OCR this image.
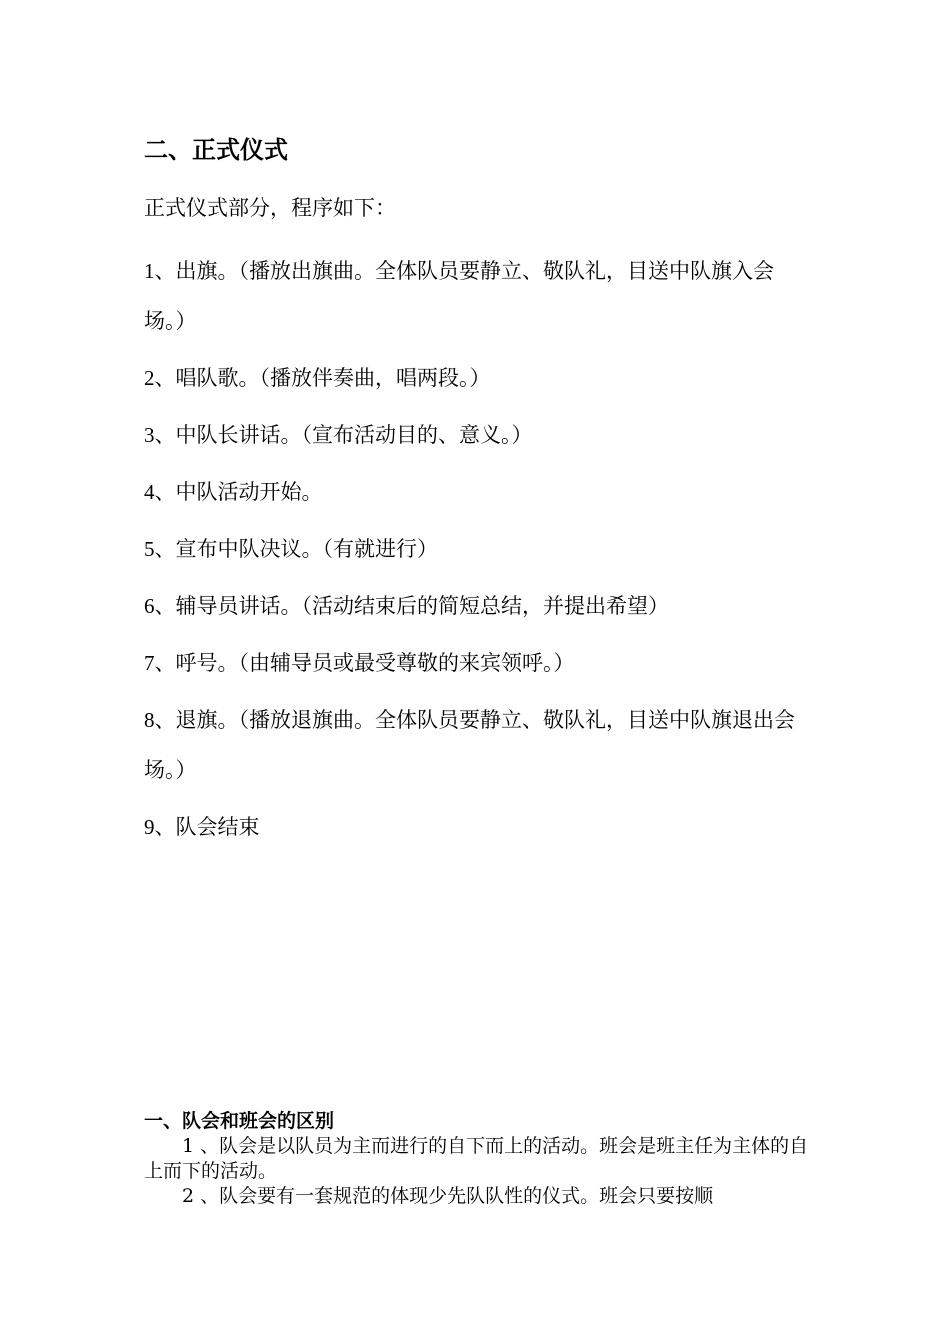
二、正式仪式

正式仪式部分，程序如下：

1、出旗。（播放出旗曲。全体队员要静立、敬队礼，目送中队旗入会场。）
2、唱队歌。（播放伴奏曲，唱两段。）
3、中队长讲话。（宣布活动目的、意义。）
4、中队活动开始。
5、宣布中队决议。（有就进行）
6、辅导员讲话。（活动结束后的简短总结，并提出希望）
7、呼号。（由辅导员或最受尊敬的来宾领呼。）
8、退旗。（播放退旗曲。全体队员要静立、敬队礼，目送中队旗退出会场。）
9、队会结束
一、队会和班会的区别

1 、队会是以队员为主而进行的自下而上的活动。班会是班主任为主体的自上而下的活动。

2 、队会要有一套规范的体现少先队队性的仪式。班会只要按顺
